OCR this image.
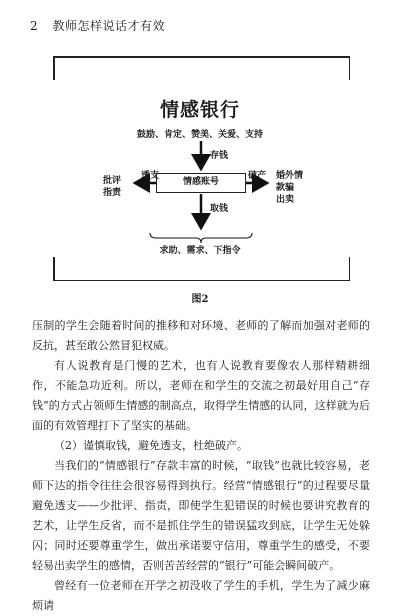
2 教师怎样说话才有效
情感银行
鼓励、肯定、赞美、关爱、支持
存钱
情感账号
取钱
透支	破产
批评
指责
婚外情
款骗
出卖
求助、需求、下指令
图2

压制的学生会随着时间的推移和对环境、老师的了解而加强对老师的反抗，甚至敢公然冒犯权威。

有人说教育是门慢的艺术，也有人说教育要像农人那样精耕细作，不能急功近利。所以，老师在和学生的交流之初最好用自己“存钱”的方式占领师生情感的制高点，取得学生情感的认同，这样就为后面的有效管理打下了坚实的基础。

（2）谨慎取钱，避免透支，杜绝破产。

当我们的“情感银行”存款丰富的时候，“取钱”也就比较容易，老师下达的指令往往会很容易得到执行。经营“情感银行”的过程要尽量避免透支——少批评、指责，即使学生犯错误的时候也要讲究教育的艺术，让学生反省，而不是抓住学生的错误猛攻到底，让学生无处躲闪；同时还要尊重学生，做出承诺要守信用，尊重学生的感受，不要轻易出卖学生的感情，否则苦苦经营的“银行”可能会瞬间破产。

曾经有一位老师在开学之初没收了学生的手机，学生为了减少麻烦请
